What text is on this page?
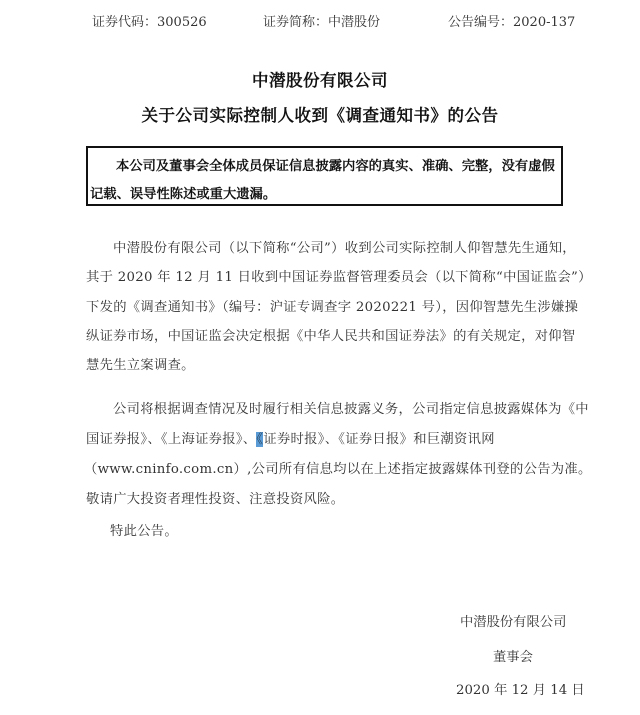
证券代码：300526	证券简称：中潜股份	公告编号：2020-137
中潜股份有限公司
关于公司实际控制人收到《调查通知书》的公告
本公司及董事会全体成员保证信息披露内容的真实、准确、完整，没有虚假
记载、误导性陈述或重大遗漏。
中潜股份有限公司（以下简称“公司”）收到公司实际控制人仰智慧先生通知，
其于 2020 年 12 月 11 日收到中国证券监督管理委员会（以下简称“中国证监会”）
下发的《调查通知书》（编号：沪证专调查字 2020221 号），因仰智慧先生涉嫌操
纵证券市场，中国证监会决定根据《中华人民共和国证券法》的有关规定，对仰智
慧先生立案调查。
公司将根据调查情况及时履行相关信息披露义务，公司指定信息披露媒体为《中
国证券报》、《上海证券报》、《证券时报》、《证券日报》和巨潮资讯网
（www.cninfo.com.cn）,公司所有信息均以在上述指定披露媒体刊登的公告为准。
敬请广大投资者理性投资、注意投资风险。
特此公告。
中潜股份有限公司
董事会
2020 年 12 月 14 日
